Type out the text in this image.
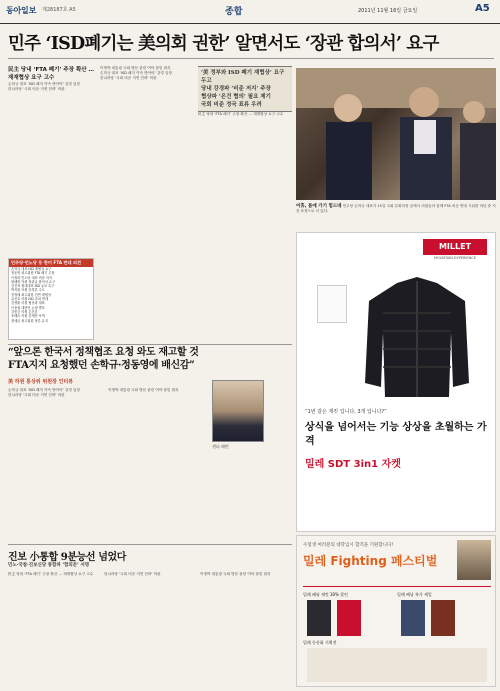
동아일보 제28187호 A5	종합	2011년 11월 16일 금요일	A5
민주 ‘ISD폐기는 美의회 권한’ 알면서도 ‘장관 합의서’ 요구
民主 당내 ‘FTA 폐기’ 주장 확산 … 재재협상 요구 고수
손학규 대표 ‘ISD 폐지 약속 받아야’ 강경 입장
한나라당 ‘국회 비준 지연 전략’ 비판
민주당·민노당 등 한미 FTA 반대 의견
손학규 대표 ISD 재협상 요구
정동영 최고위원 FTA 폐기 주장
이정희 민노당 대표 비준 저지
원혜영 의원 장관급 합의서 요구
김진표 원내대표 ISD 유보 촉구
박지원 의원 강경론 주도
천정배 최고위원 전면 재협상
유선호 의원 ISD 존치 반대
김영환 의원 협상파 대표
이용섭 대변인 논평 발표
강봉균 의원 온건론
조배숙 의원 중재안 모색
정세균 최고위원 당론 유지
이명박 대통령 국회 방문 관련 여야 물밑 접촉
손학규 대표 ‘ISD 폐지 약속 받아야’ 강경 입장
한나라당 ‘국회 비준 지연 전략’ 비판
‘美 정부와 ISD 폐기 재협상’ 요구 두고
당내 강경파 ‘비준 저지’ 주장
협상파 ‘온건 협의’ 필요 제기
국회 비준 정국 표류 우려
民主 당내 ‘FTA 폐기’ 주장 확산 … 재재협상 요구 고수
어휴, 몸에 가기 힘드네 민주당 손학규 대표가 15일 국회 본회의장 앞에서 의원들과 함께 FTA 비준 반대 시위를 하던 중 지친 표정으로 서 있다.
MILLET
MOUNTAIN EXPERIENCE
“1번 같은 재킷 입니다, 3개 입니다?”
상식을 넘어서는 기능 상상을 초월하는 가격
밀레 SDT 3in1 자켓
“앞으론 한국서 정책협조 요청 와도 재고할 것
FTA지지 요청했던 손학규·정동영에 배신감”
美 하원 통상위 위원장 인터뷰
손학규 대표 ‘ISD 폐지 약속 받아야’ 강경 입장
한나라당 ‘국회 비준 지연 전략’ 비판
이명박 대통령 국회 방문 관련 여야 물밑 접촉
샌더 레빈
진보 小통합 9분능선 넘었다
민노·국참·진보신당 통합파 ‘합의문’ 서명
民主 당내 ‘FTA 폐기’ 주장 확산 … 재재협상 요구 고수	한나라당 ‘국회 비준 지연 전략’ 비판	이명박 대통령 국회 방문 관련 여야 물밑 접촉
수험생 여러분의 대학입시 합격을 기원합니다!
밀레 Fighting 페스티벌
밀레 패딩 재킷 30% 할인	밀레 배낭 특가 세일
밀레 등산화 기획전
